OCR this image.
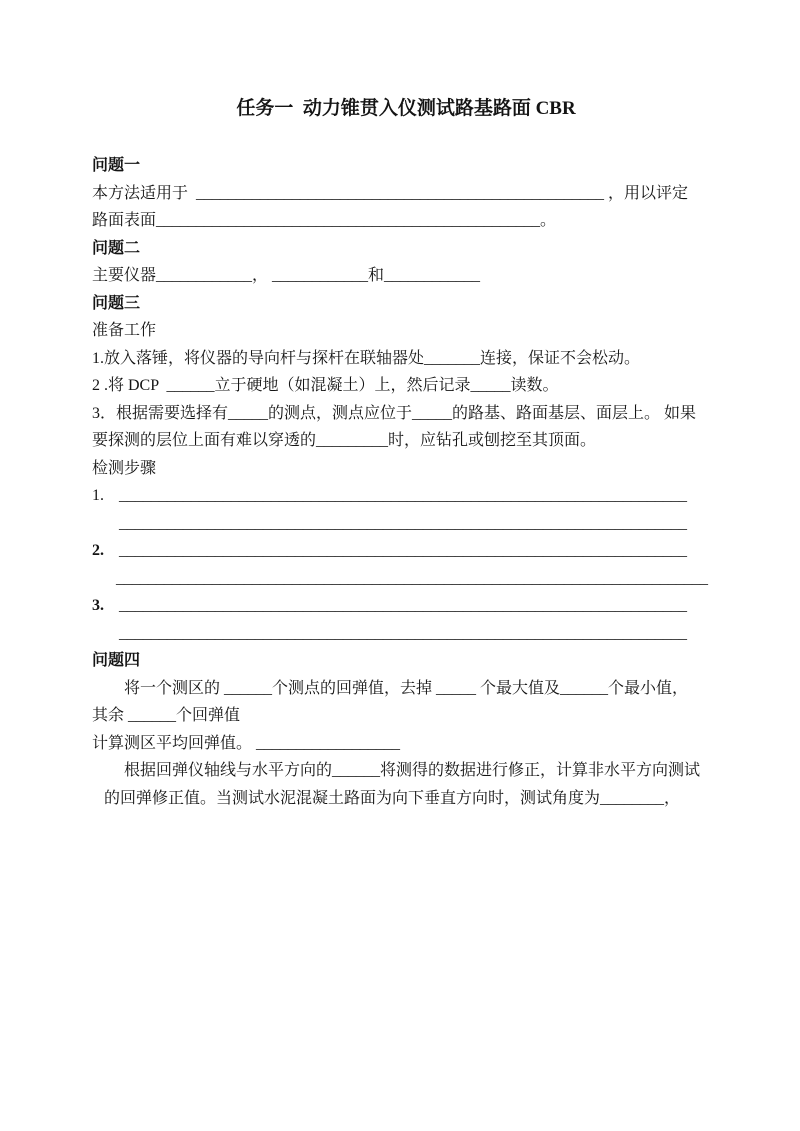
任务一  动力锥贯入仪测试路基路面 CBR
问题一
本方法适用于  ___________________________________________________ ，用以评定
路面表面________________________________________________。
问题二
主要仪器____________， ____________和____________
问题三
准备工作
1.放入落锤，将仪器的导向杆与探杆在联轴器处_______连接，保证不会松动。
2 .将 DCP  ______立于硬地（如混凝土）上，然后记录_____读数。
3．根据需要选择有_____的测点，测点应位于_____的路基、路面基层、面层上。 如果
要探测的层位上面有难以穿透的_________时，应钻孔或刨挖至其顶面。
检测步骤
1. _______________________________________________________________________
_______________________________________________________________________
2. _______________________________________________________________________
__________________________________________________________________________
3. _______________________________________________________________________
_______________________________________________________________________
问题四
将一个测区的 ______个测点的回弹值，去掉 _____ 个最大值及______个最小值，
其余 ______个回弹值
计算测区平均回弹值。 __________________
根据回弹仪轴线与水平方向的______将测得的数据进行修正，计算非水平方向测试
的回弹修正值。当测试水泥混凝土路面为向下垂直方向时，测试角度为________，
